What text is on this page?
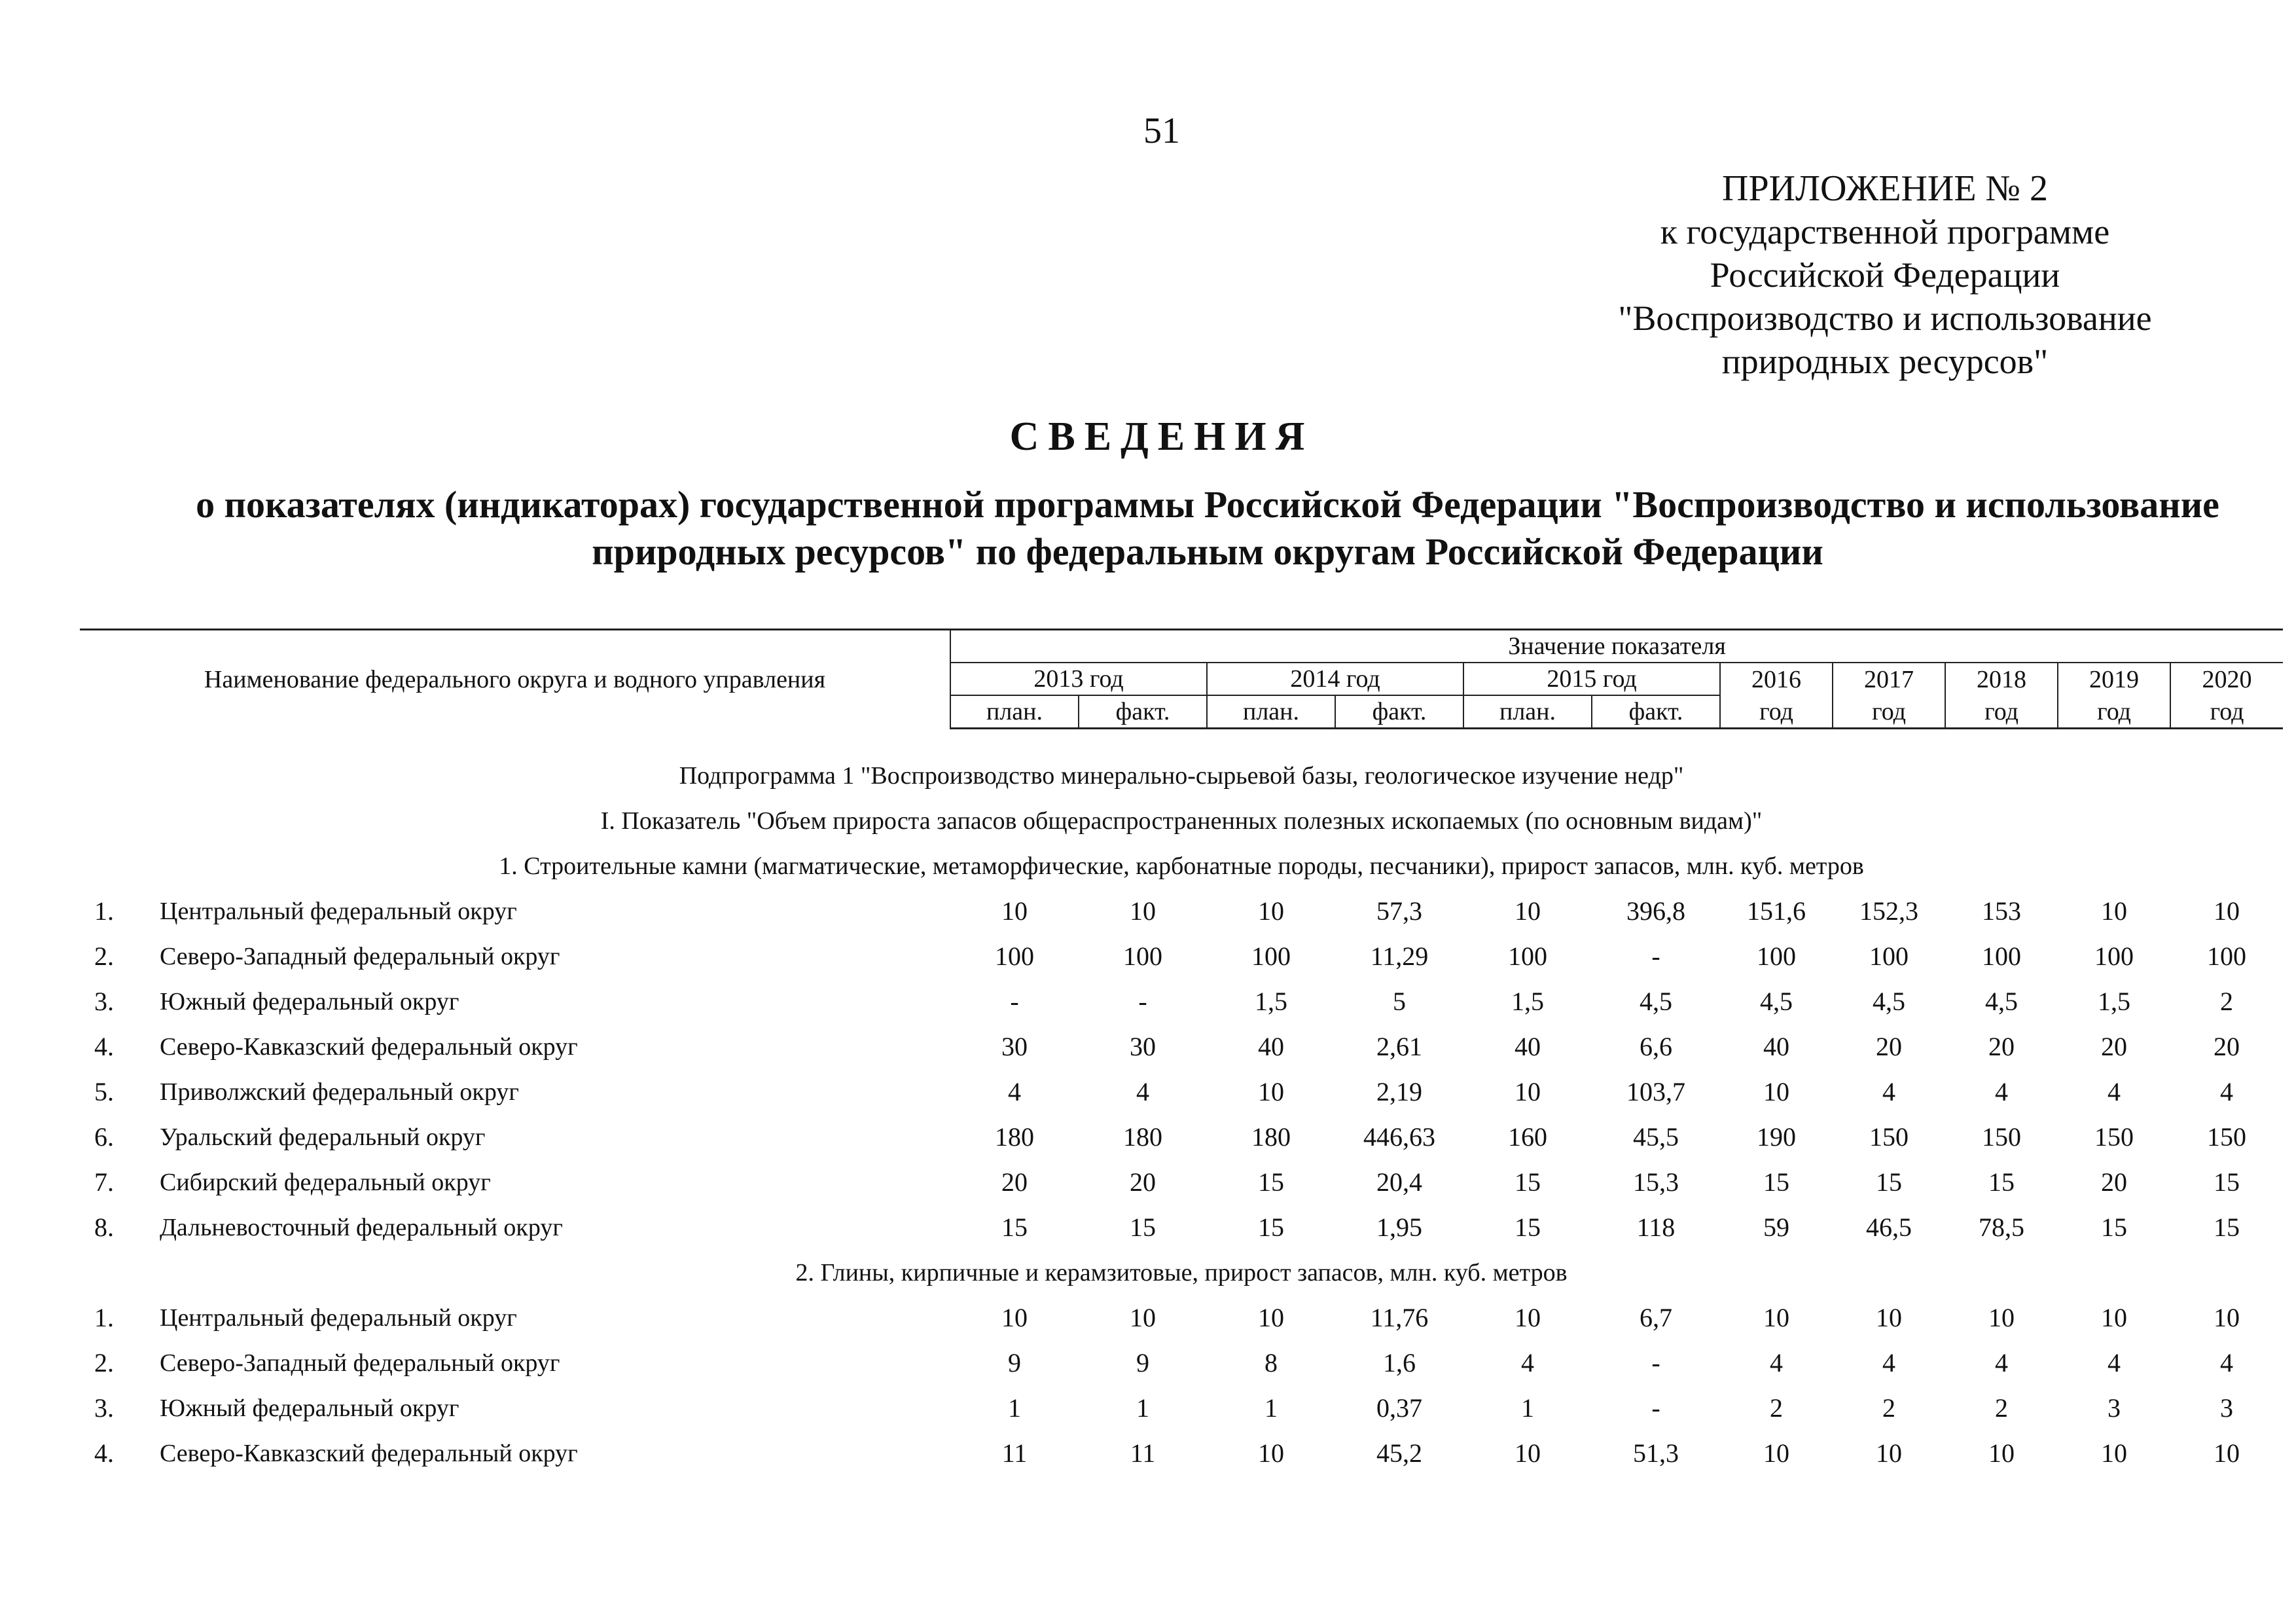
51
ПРИЛОЖЕНИЕ № 2
к государственной программе
Российской Федерации
"Воспроизводство и использование
природных ресурсов"
СВЕДЕНИЯ
о показателях (индикаторах) государственной программы Российской Федерации "Воспроизводство и использование
природных ресурсов" по федеральным округам Российской Федерации
Наименование федерального округа и водного управления		Значение показателя										
		2013 год		2014 год		2015 год		2016	2017	2018	2019	2020
		план.	факт.	план.	факт.	план.	факт.	год	год	год	год	год

Подпрограмма 1 "Воспроизводство минерально-сырьевой базы, геологическое изучение недр"												
I. Показатель "Объем прироста запасов общераспространенных полезных ископаемых (по основным видам)"												
1. Строительные камни (магматические, метаморфические, карбонатные породы, песчаники), прирост запасов, млн. куб. метров												
1.	Центральный федеральный округ	10	10	10	57,3	10	396,8	151,6	152,3	153	10	10
2.	Северо-Западный федеральный округ	100	100	100	11,29	100	-	100	100	100	100	100
3.	Южный федеральный округ	-	-	1,5	5	1,5	4,5	4,5	4,5	4,5	1,5	2
4.	Северо-Кавказский федеральный округ	30	30	40	2,61	40	6,6	40	20	20	20	20
5.	Приволжский федеральный округ	4	4	10	2,19	10	103,7	10	4	4	4	4
6.	Уральский федеральный округ	180	180	180	446,63	160	45,5	190	150	150	150	150
7.	Сибирский федеральный округ	20	20	15	20,4	15	15,3	15	15	15	20	15
8.	Дальневосточный федеральный округ	15	15	15	1,95	15	118	59	46,5	78,5	15	15
2. Глины, кирпичные и керамзитовые, прирост запасов, млн. куб. метров												
1.	Центральный федеральный округ	10	10	10	11,76	10	6,7	10	10	10	10	10
2.	Северо-Западный федеральный округ	9	9	8	1,6	4	-	4	4	4	4	4
3.	Южный федеральный округ	1	1	1	0,37	1	-	2	2	2	3	3
4.	Северо-Кавказский федеральный округ	11	11	10	45,2	10	51,3	10	10	10	10	10
